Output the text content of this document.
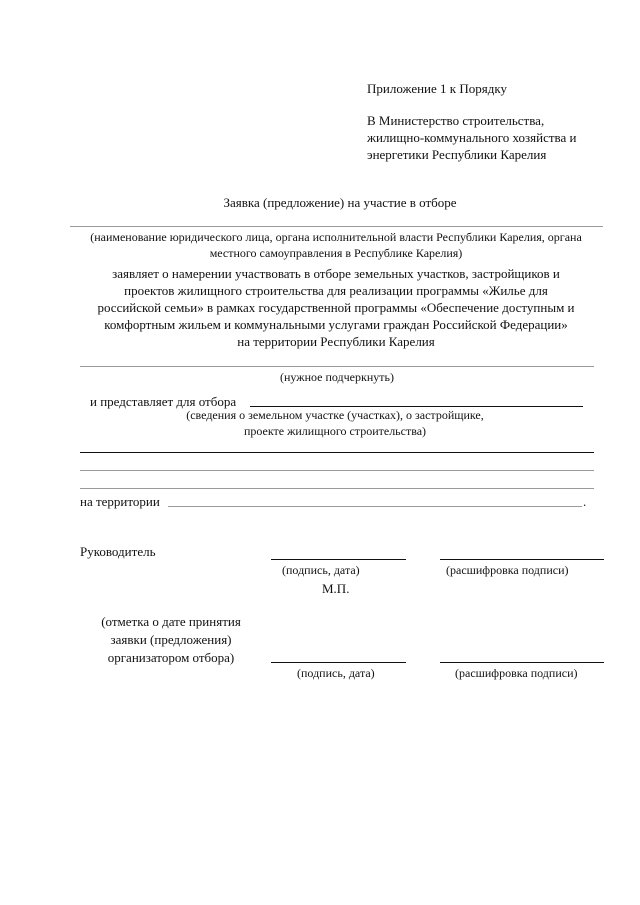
Приложение 1 к Порядку
В Министерство строительства,
жилищно-коммунального хозяйства и
энергетики Республики Карелия
Заявка (предложение) на участие в отборе
(наименование юридического лица, органа исполнительной власти Республики Карелия, органа
местного самоуправления в Республике Карелия)
заявляет о намерении участвовать в отборе земельных участков, застройщиков и
проектов жилищного строительства для реализации программы «Жилье для
российской семьи» в рамках государственной программы «Обеспечение доступным и
комфортным жильем и коммунальными услугами граждан Российской Федерации»
на территории Республики Карелия
(нужное подчеркнуть)
и представляет для отбора
(сведения о земельном участке (участках), о застройщике,
проекте жилищного строительства)
на территории	.
Руководитель
(подпись, дата)	(расшифровка подписи)
М.П.
(отметка о дате принятия
заявки (предложения)
организатором отбора)
(подпись, дата)	(расшифровка подписи)
